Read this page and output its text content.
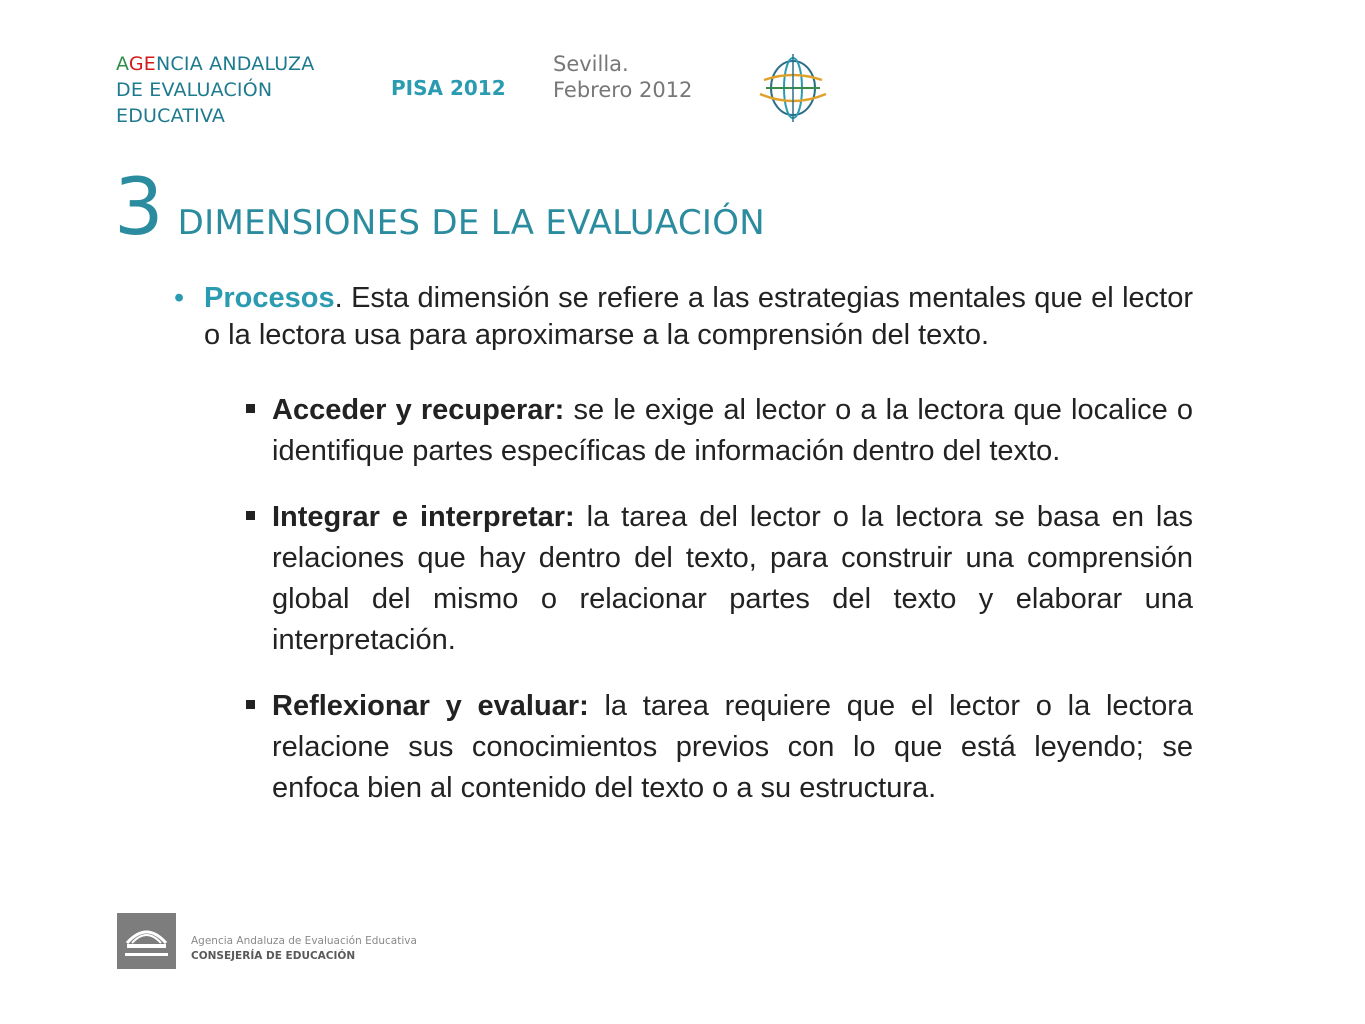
AGENCIA ANDALUZA
DE EVALUACIÓN
EDUCATIVA
PISA 2012
Sevilla.
Febrero 2012
3 DIMENSIONES DE LA EVALUACIÓN
• Procesos. Esta dimensión se refiere a las estrategias mentales que el lector o la lectora usa para aproximarse a la comprensión del texto.
Acceder y recuperar: se le exige al lector o a la lectora que localice o identifique partes específicas de información dentro del texto.
Integrar e interpretar: la tarea del lector o la lectora se basa en las relaciones que hay dentro del texto, para construir una comprensión global del mismo o relacionar partes del texto y elaborar una interpretación.
Reflexionar y evaluar: la tarea requiere que el lector o la lectora relacione sus conocimientos previos con lo que está leyendo; se enfoca bien al contenido del texto o a su estructura.
Agencia Andaluza de Evaluación Educativa
CONSEJERÍA DE EDUCACIÓN
